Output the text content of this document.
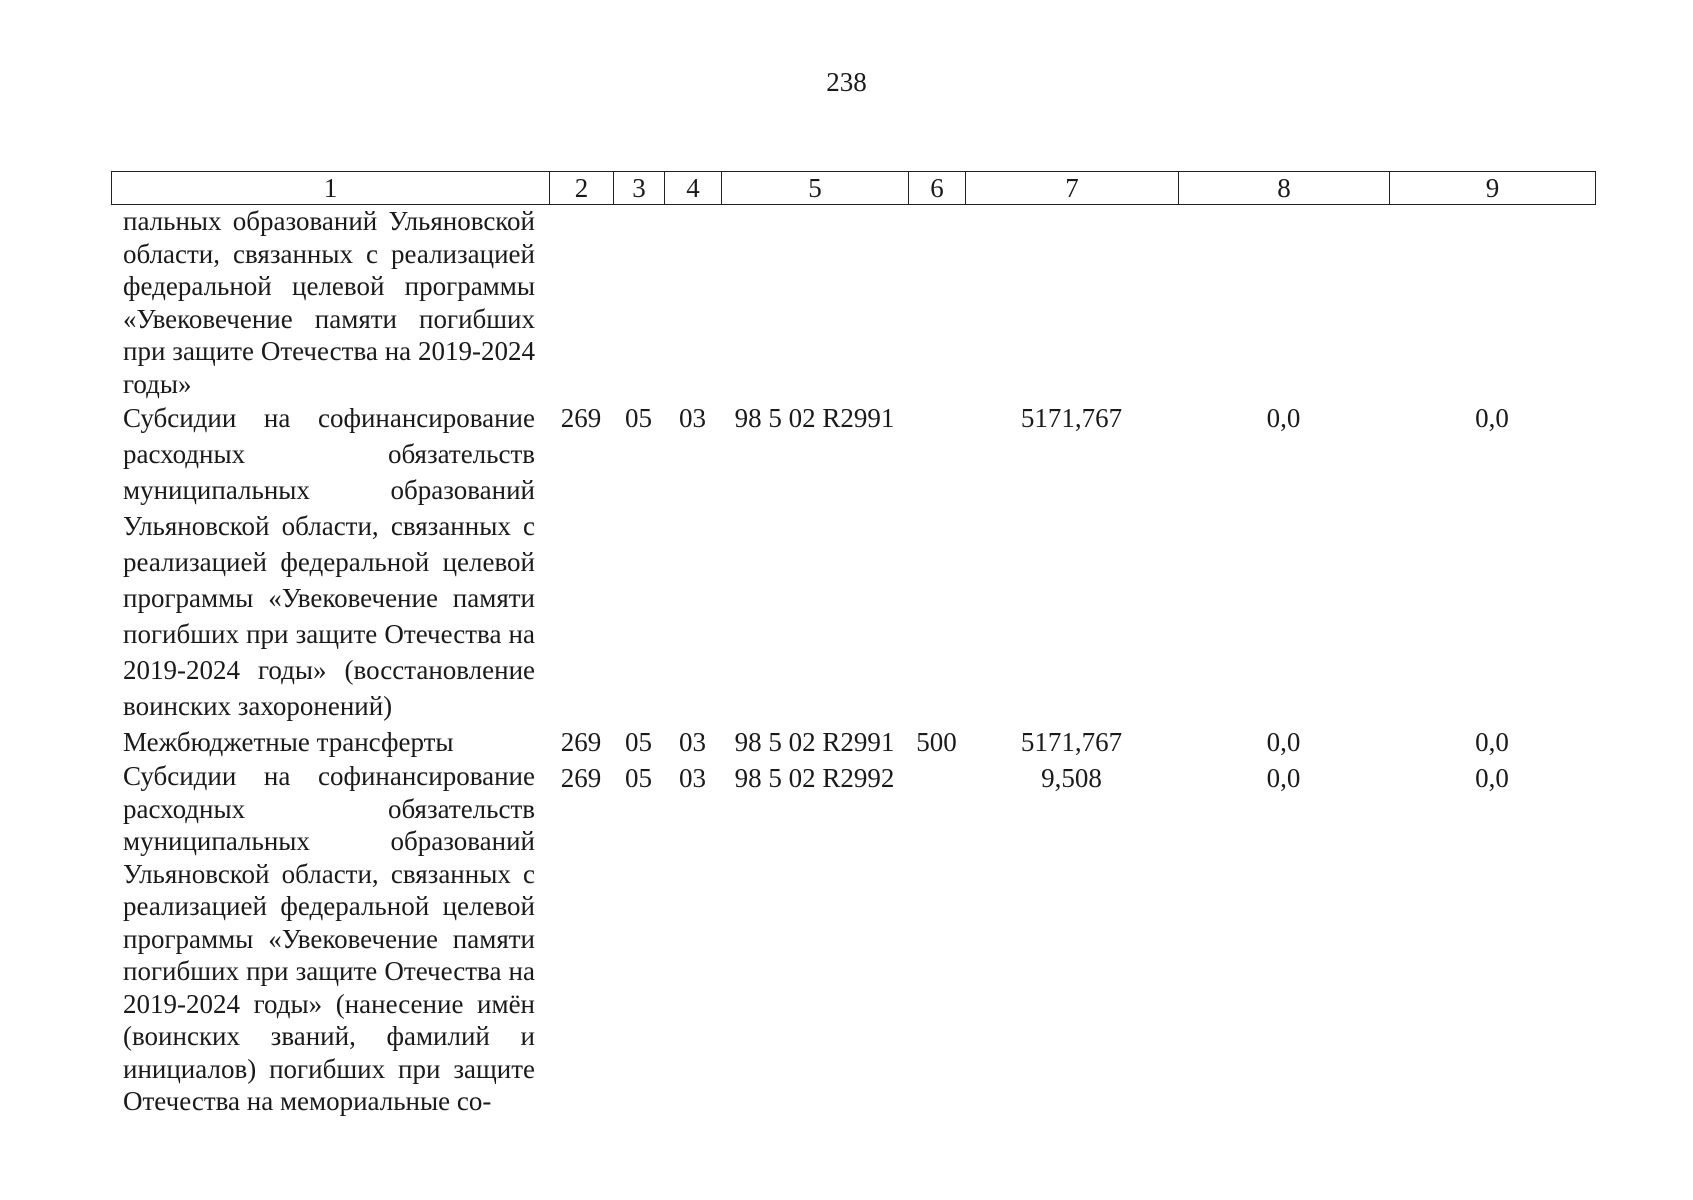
238
1	2	3	4	5	6	7	8	9
пальных образований Ульяновской области, связанных с реализацией федеральной целевой программы «Увековечение памяти погибших при защите Отечества на 2019-2024 годы»								
Субсидии на софинансирование расходных обязательств муниципальных образований Ульяновской области, связанных с реализацией федеральной целевой программы «Увековечение памяти погибших при защите Отечества на 2019-2024 годы» (восстановление воинских захоронений)	269	05	03	98 5 02 R2991		5171,767	0,0	0,0
Межбюджетные трансферты	269	05	03	98 5 02 R2991	500	5171,767	0,0	0,0
Субсидии на софинансирование расходных обязательств муниципальных образований Ульяновской области, связанных с реализацией федеральной целевой программы «Увековечение памяти погибших при защите Отечества на 2019-2024 годы» (нанесение имён (воинских званий, фамилий и инициалов) погибших при защите Отечества на мемориальные со-	269	05	03	98 5 02 R2992		9,508	0,0	0,0
